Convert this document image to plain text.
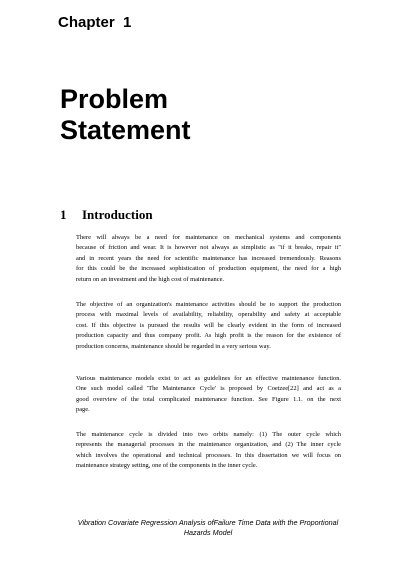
Chapter  1
Problem
Statement
1 Introduction
There will always be a need for maintenance on mechanical systems and components
because of friction and wear. It is however not always as simplistic as "if it breaks, repair it"
and in recent years the need for scientific maintenance has increased tremendously. Reasons
for this could be the increased sophistication of production equipment, the need for a high
return on an investment and the high cost of maintenance.
The objective of an organization's maintenance activities should be to support the production
process with maximal levels of availability, reliability, operability and safety at acceptable
cost. If this objective is pursued the results will be clearly evident in the form of increased
production capacity and thus company profit. As high profit is the reason for the existence of
production concerns, maintenance should be regarded in a very serious way.
Various maintenance models exist to act as guidelines for an effective maintenance function.
One such model called 'The Maintenance Cycle' is proposed by Coetzee[22] and act as a
good overview of the total complicated maintenance function. See Figure 1.1. on the next
page.
The maintenance cycle is divided into two orbits namely: (1) The outer cycle which
represents the managerial processes in the maintenance organization, and (2) The inner cycle
which involves the operational and technical processes. In this dissertation we will focus on
maintenance strategy setting, one of the components in the inner cycle.
Vibration Covariate Regression Analysis ofFailure Time Data with the Proportional
Hazards Model
